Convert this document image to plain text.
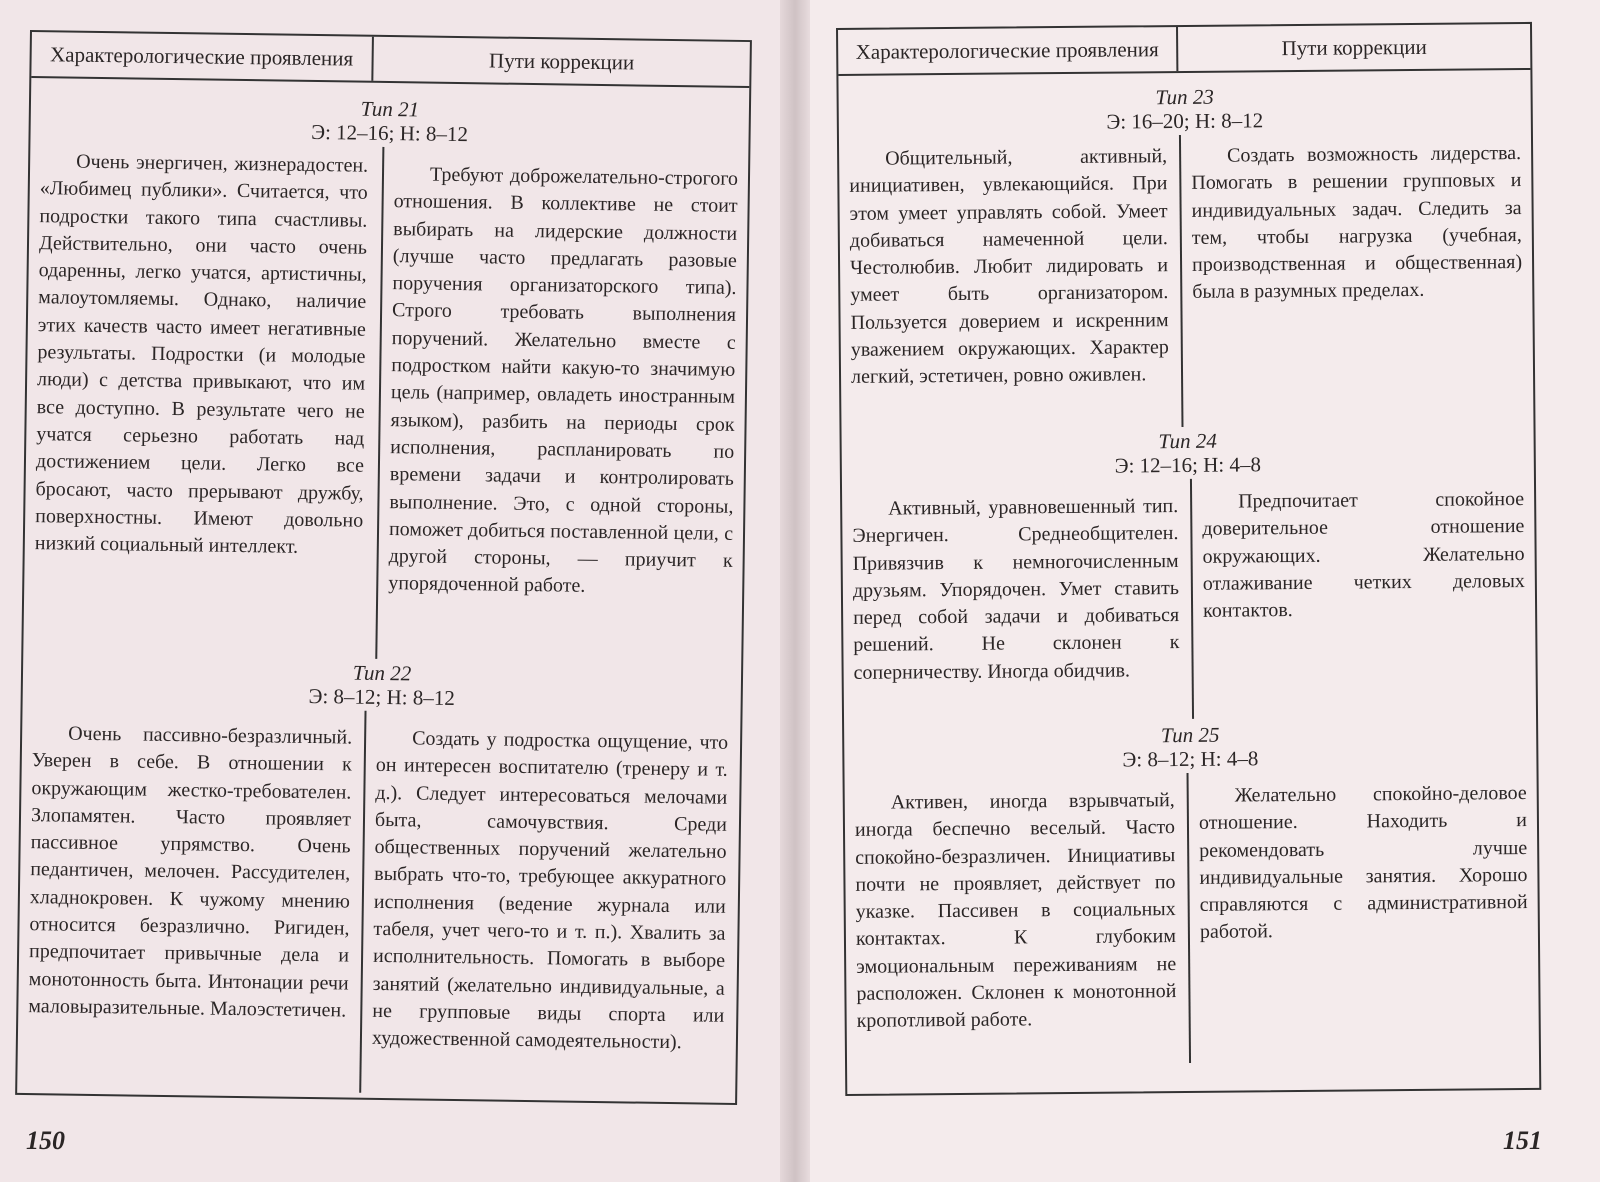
Характерологические проявления	Пути коррекции
Тип 21
Э: 12–16; Н: 8–12
Очень энергичен, жизнерадостен. «Любимец публики». Считается, что подростки такого типа счастливы. Действительно, они часто очень одаренны, легко учатся, артистичны, малоутомляемы. Однако, наличие этих качеств часто имеет негативные результаты. Подростки (и молодые люди) с детства привыкают, что им все доступно. В результате чего не учатся серьезно работать над достижением цели. Легко все бросают, часто прерывают дружбу, поверхностны. Имеют довольно низкий социальный интеллект.
Требуют доброжелательно-строгого отношения. В коллективе не стоит выбирать на лидерские должности (лучше часто предлагать разовые поручения организаторского типа). Строго требовать выполнения поручений. Желательно вместе с подростком найти какую-то значимую цель (например, овладеть иностранным языком), разбить на периоды срок исполнения, распланировать по времени задачи и контролировать выполнение. Это, с одной стороны, поможет добиться поставленной цели, с другой стороны, — приучит к упорядоченной работе.
Тип 22
Э: 8–12; Н: 8–12
Очень пассивно-безразличный. Уверен в себе. В отношении к окружающим жестко-требователен. Злопамятен. Часто проявляет пассивное упрямство. Очень педантичен, мелочен. Рассудителен, хладнокровен. К чужому мнению относится безразлично. Ригиден, предпочитает привычные дела и монотонность быта. Интонации речи маловыразительные. Малоэстетичен.
Создать у подростка ощущение, что он интересен воспитателю (тренеру и т. д.). Следует интересоваться мелочами быта, самочувствия. Среди общественных поручений желательно выбрать что-то, требующее аккуратного исполнения (ведение журнала или табеля, учет чего-то и т. п.). Хвалить за исполнительность. Помогать в выборе занятий (желательно индивидуальные, а не групповые виды спорта или художественной самодеятельности).
150
Характерологические проявления	Пути коррекции
Тип 23
Э: 16–20; Н: 8–12
Общительный, активный, инициативен, увлекающийся. При этом умеет управлять собой. Умеет добиваться намеченной цели. Честолюбив. Любит лидировать и умеет быть организатором. Пользуется доверием и искренним уважением окружающих. Характер легкий, эстетичен, ровно оживлен.
Создать возможность лидерства. Помогать в решении групповых и индивидуальных задач. Следить за тем, чтобы нагрузка (учебная, производственная и общественная) была в разумных пределах.
Тип 24
Э: 12–16; Н: 4–8
Активный, уравновешенный тип. Энергичен. Среднеобщителен. Привязчив к немногочисленным друзьям. Упорядочен. Умет ставить перед собой задачи и добиваться решений. Не склонен к соперничеству. Иногда обидчив.
Предпочитает спокойное доверительное отношение окружающих. Желательно отлаживание четких деловых контактов.
Тип 25
Э: 8–12; Н: 4–8
Активен, иногда взрывчатый, иногда беспечно веселый. Часто спокойно-безразличен. Инициативы почти не проявляет, действует по указке. Пассивен в социальных контактах. К глубоким эмоциональным переживаниям не расположен. Склонен к монотонной кропотливой работе.
Желательно спокойно-деловое отношение. Находить и рекомендовать лучше индивидуальные занятия. Хорошо справляются с административной работой.
151
